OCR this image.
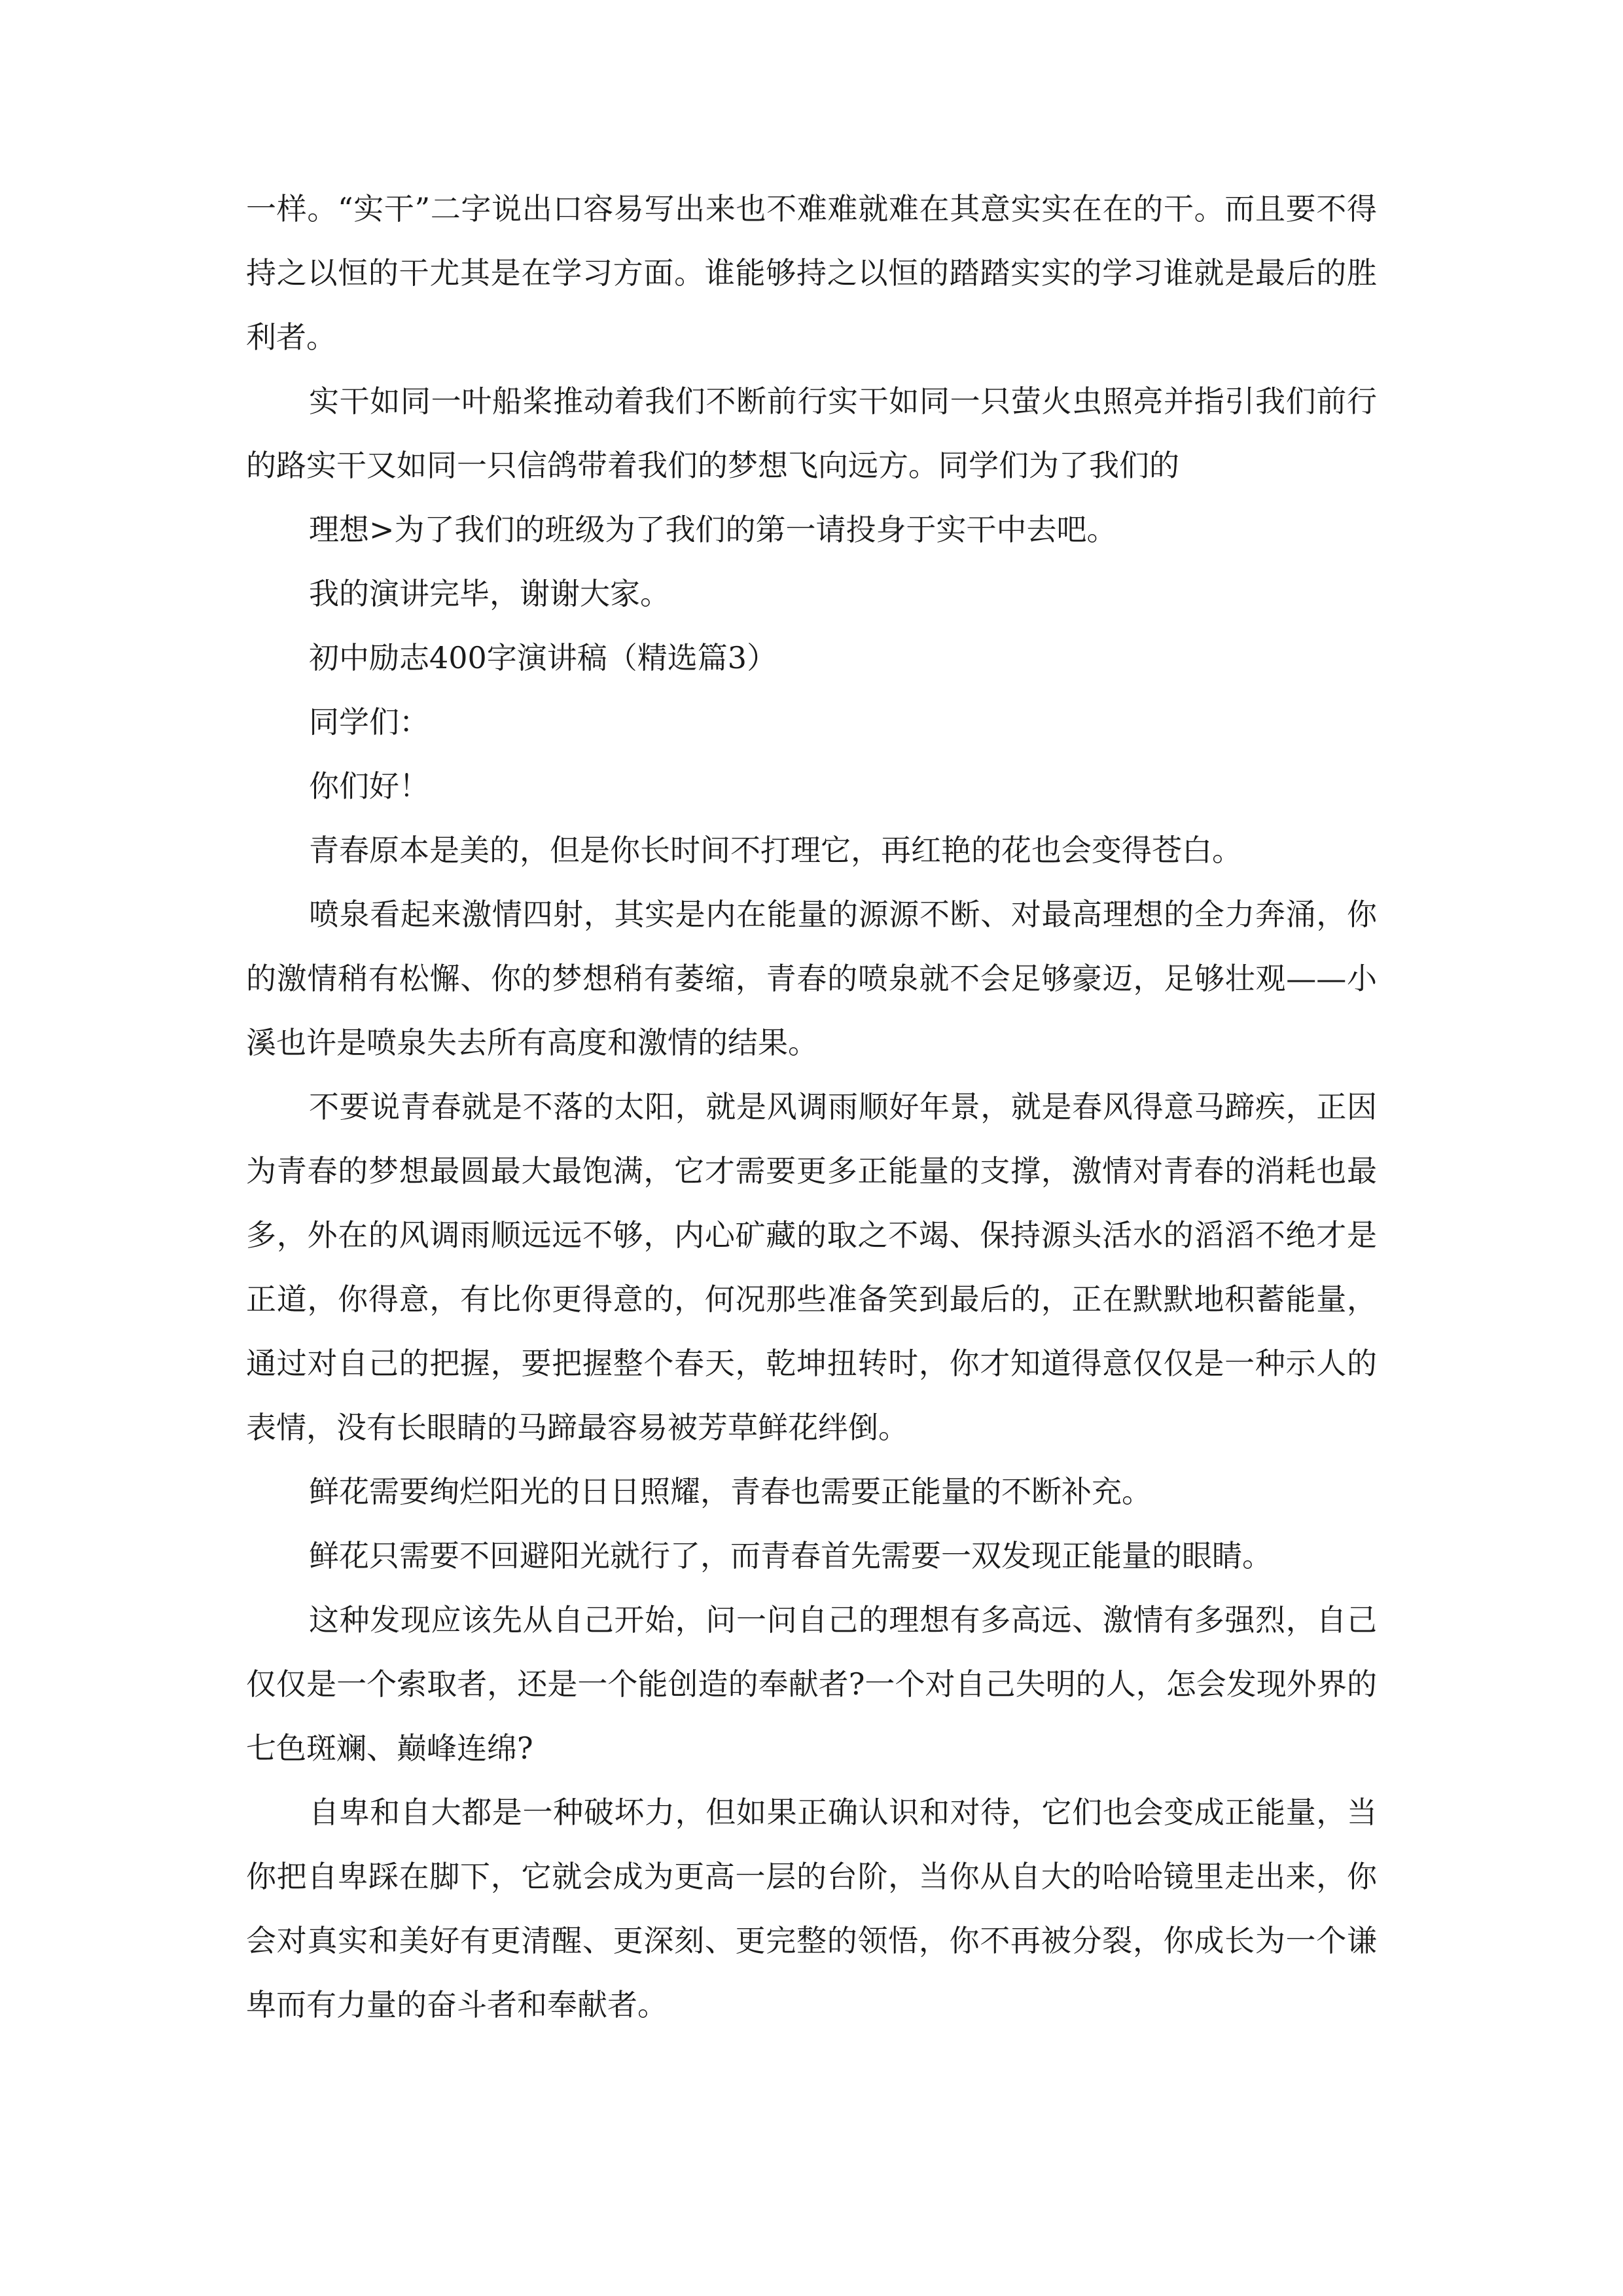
一样。“实干”二字说出口容易写出来也不难难就难在其意实实在在的干。而且要不得持之以恒的干尤其是在学习方面。谁能够持之以恒的踏踏实实的学习谁就是最后的胜利者。

实干如同一叶船桨推动着我们不断前行实干如同一只萤火虫照亮并指引我们前行的路实干又如同一只信鸽带着我们的梦想飞向远方。同学们为了我们的

理想>为了我们的班级为了我们的第一请投身于实干中去吧。

我的演讲完毕，谢谢大家。

初中励志400字演讲稿（精选篇3）

同学们：

你们好！

青春原本是美的，但是你长时间不打理它，再红艳的花也会变得苍白。

喷泉看起来激情四射，其实是内在能量的源源不断、对最高理想的全力奔涌，你的激情稍有松懈、你的梦想稍有萎缩，青春的喷泉就不会足够豪迈，足够壮观——小溪也许是喷泉失去所有高度和激情的结果。

不要说青春就是不落的太阳，就是风调雨顺好年景，就是春风得意马蹄疾，正因为青春的梦想最圆最大最饱满，它才需要更多正能量的支撑，激情对青春的消耗也最多，外在的风调雨顺远远不够，内心矿藏的取之不竭、保持源头活水的滔滔不绝才是正道，你得意，有比你更得意的，何况那些准备笑到最后的，正在默默地积蓄能量，通过对自己的把握，要把握整个春天，乾坤扭转时，你才知道得意仅仅是一种示人的表情，没有长眼睛的马蹄最容易被芳草鲜花绊倒。

鲜花需要绚烂阳光的日日照耀，青春也需要正能量的不断补充。

鲜花只需要不回避阳光就行了，而青春首先需要一双发现正能量的眼睛。

这种发现应该先从自己开始，问一问自己的理想有多高远、激情有多强烈，自己仅仅是一个索取者，还是一个能创造的奉献者?一个对自己失明的人，怎会发现外界的七色斑斓、巅峰连绵?

自卑和自大都是一种破坏力，但如果正确认识和对待，它们也会变成正能量，当你把自卑踩在脚下，它就会成为更高一层的台阶，当你从自大的哈哈镜里走出来，你会对真实和美好有更清醒、更深刻、更完整的领悟，你不再被分裂，你成长为一个谦卑而有力量的奋斗者和奉献者。
